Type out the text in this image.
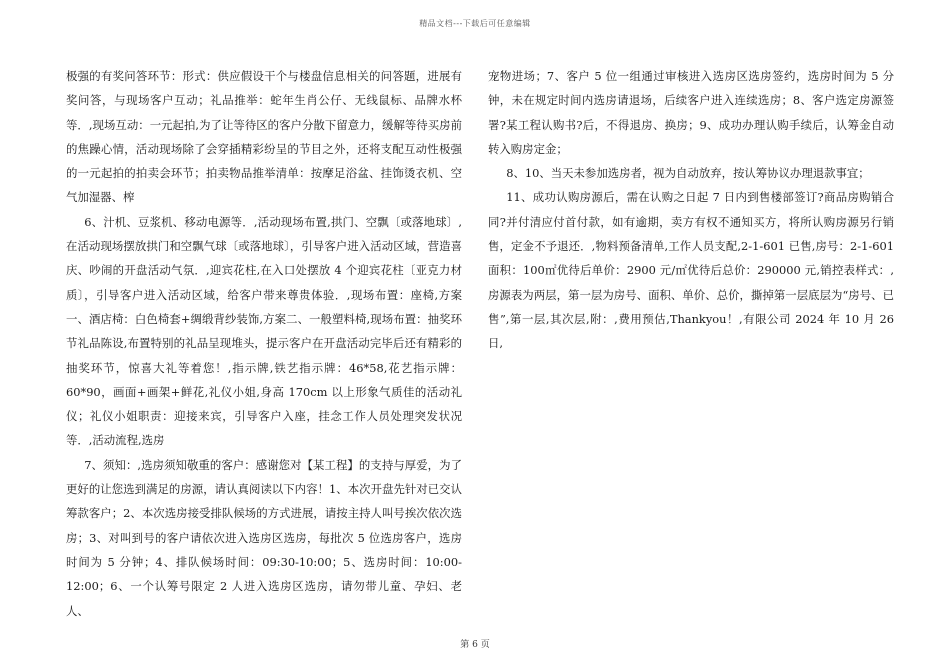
精品文档---下载后可任意编辑

极强的有奖问答环节：形式：供应假设干个与楼盘信息相关的问答题，进展有奖问答，与现场客户互动；礼品推举：蛇年生肖公仔、无线鼠标、品牌水杯等．,现场互动：一元起拍,为了让等待区的客户分散下留意力，缓解等待买房前的焦躁心情，活动现场除了会穿插精彩纷呈的节目之外，还将支配互动性极强的一元起拍的拍卖会环节；拍卖物品推举清单：按摩足浴盆、挂饰烫衣机、空气加湿器、榨

6、汁机、豆浆机、移动电源等．,活动现场布置,拱门、空飘〔或落地球〕,在活动现场摆放拱门和空飘气球〔或落地球〕，引导客户进入活动区域，营造喜庆、吵闹的开盘活动气氛．,迎宾花柱,在入口处摆放 4 个迎宾花柱〔亚克力材质〕，引导客户进入活动区域，给客户带来尊贵体验．,现场布置：座椅,方案一、酒店椅：白色椅套+绸缎背纱装饰,方案二、一般塑料椅,现场布置：抽奖环节礼品陈设,布置特别的礼品呈现堆头，提示客户在开盘活动完毕后还有精彩的抽奖环节，惊喜大礼等着您！,指示牌,铁艺指示牌：46*58,花艺指示牌：60*90，画面+画架+鲜花,礼仪小姐,身高 170cm 以上形象气质佳的活动礼仪；礼仪小姐职责：迎接来宾，引导客户入座，挂念工作人员处理突发状况等．,活动流程,选房

7、须知：,选房须知敬重的客户：感谢您对【某工程】的支持与厚爱，为了更好的让您选到满足的房源，请认真阅读以下内容！1、本次开盘先针对已交认筹款客户；2、本次选房接受排队候场的方式进展，请按主持人叫号挨次依次选房；3、对叫到号的客户请依次进入选房区选房，每批次 5 位选房客户，选房时间为 5 分钟；4、排队候场时间：09:30-10:00；5、选房时间：10:00-12:00；6、一个认筹号限定 2 人进入选房区选房，请勿带儿童、孕妇、老人、

宠物进场；7、客户 5 位一组通过审核进入选房区选房签约，选房时间为 5 分钟，未在规定时间内选房请退场，后续客户进入连续选房；8、客户选定房源签署?某工程认购书?后，不得退房、换房；9、成功办理认购手续后，认筹金自动转入购房定金；

8、10、当天未参加选房者，视为自动放弃，按认筹协议办理退款事宜；

11、成功认购房源后，需在认购之日起 7 日内到售楼部签订?商品房购销合同?并付清应付首付款，如有逾期，卖方有权不通知买方，将所认购房源另行销售，定金不予退还．,物料预备清单,工作人员支配,2-1-601 已售,房号：2-1-601 面积：100㎡优待后单价：2900 元/㎡优待后总价：290000 元,销控表样式：,房源表为两层，第一层为房号、面积、单价、总价，撕掉第一层底层为“房号、已售”,第一层,其次层,附：,费用预估,Thankyou！,有限公司 2024 年 10 月 26 日,

第 6 页
